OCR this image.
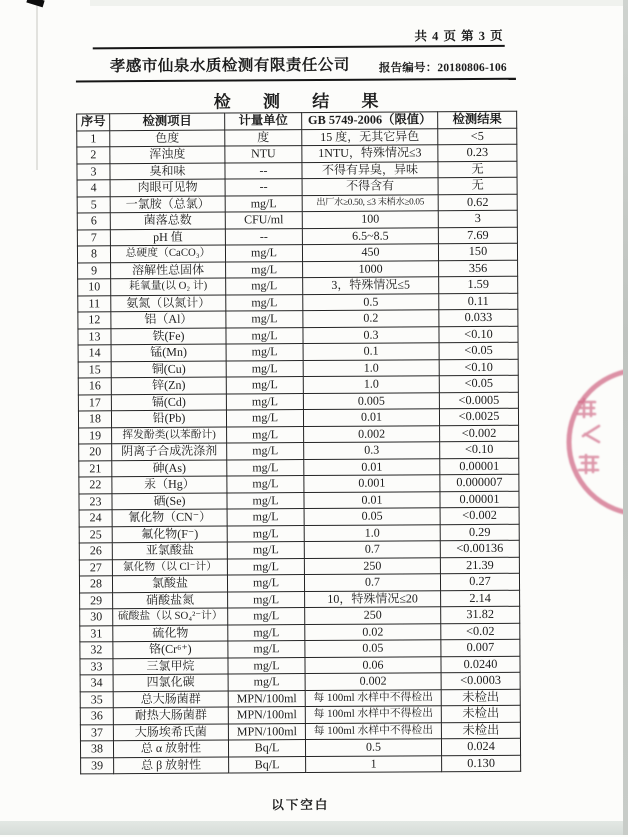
共 4 页 第 3 页
孝感市仙泉水质检测有限责任公司	报告编号：20180806-106
检 测 结 果
序号	检测项目	计量单位	GB 5749-2006（限值）	检测结果
1	色度	度	15 度，无其它异色	<5
2	浑浊度	NTU	1NTU，特殊情况≤3	0.23
3	臭和味	--	不得有异臭，异味	无
4	肉眼可见物	--	不得含有	无
5	一氯胺（总氯）	mg/L	出厂水≥0.50, ≤3 末梢水≥0.05	0.62
6	菌落总数	CFU/ml	100	3
7	pH 值	--	6.5~8.5	7.69
8	总硬度（CaCO₃）	mg/L	450	150
9	溶解性总固体	mg/L	1000	356
10	耗氧量(以 O₂ 计)	mg/L	3，特殊情况≤5	1.59
11	氨氮（以氮计）	mg/L	0.5	0.11
12	铝（Al）	mg/L	0.2	0.033
13	铁(Fe)	mg/L	0.3	<0.10
14	锰(Mn)	mg/L	0.1	<0.05
15	铜(Cu)	mg/L	1.0	<0.10
16	锌(Zn)	mg/L	1.0	<0.05
17	镉(Cd)	mg/L	0.005	<0.0005
18	铅(Pb)	mg/L	0.01	<0.0025
19	挥发酚类(以苯酚计)	mg/L	0.002	<0.002
20	阴离子合成洗涤剂	mg/L	0.3	<0.10
21	砷(As)	mg/L	0.01	0.00001
22	汞（Hg）	mg/L	0.001	0.000007
23	硒(Se)	mg/L	0.01	0.00001
24	氰化物（CN⁻）	mg/L	0.05	<0.002
25	氟化物(F⁻)	mg/L	1.0	0.29
26	亚氯酸盐	mg/L	0.7	<0.00136
27	氯化物（以 Cl⁻计）	mg/L	250	21.39
28	氯酸盐	mg/L	0.7	0.27
29	硝酸盐氮	mg/L	10，特殊情况≤20	2.14
30	硫酸盐（以 SO₄²⁻计）	mg/L	250	31.82
31	硫化物	mg/L	0.02	<0.02
32	铬(Cr⁶⁺)	mg/L	0.05	0.007
33	三氯甲烷	mg/L	0.06	0.0240
34	四氯化碳	mg/L	0.002	<0.0003
35	总大肠菌群	MPN/100ml	每 100ml 水样中不得检出	未检出
36	耐热大肠菌群	MPN/100ml	每 100ml 水样中不得检出	未检出
37	大肠埃希氏菌	MPN/100ml	每 100ml 水样中不得检出	未检出
38	总 α 放射性	Bq/L	0.5	0.024
39	总 β 放射性	Bq/L	1	0.130
以下空白
